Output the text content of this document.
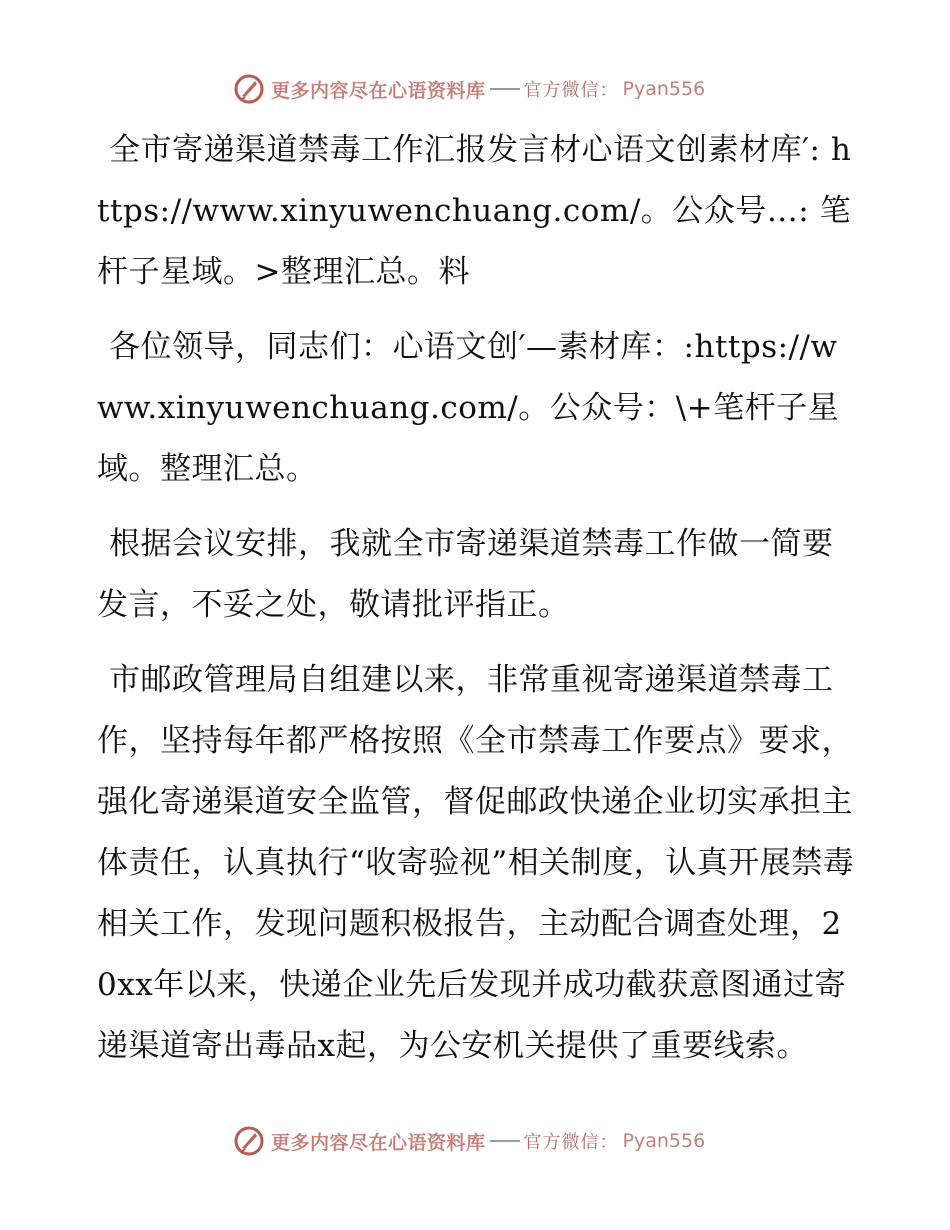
更多内容尽在心语资料库 官方微信： Pyan556

全市寄递渠道禁毒工作汇报发言材心语文创素材库′: https://www.xinyuwenchuang.com/。公众号…: 笔杆子星域。>整理汇总。料

各位领导，同志们：心语文创′—素材库：:https://www.xinyuwenchuang.com/。公众号：\+笔杆子星域。整理汇总。

根据会议安排，我就全市寄递渠道禁毒工作做一简要发言，不妥之处，敬请批评指正。

市邮政管理局自组建以来，非常重视寄递渠道禁毒工作，坚持每年都严格按照《全市禁毒工作要点》要求，强化寄递渠道安全监管，督促邮政快递企业切实承担主体责任，认真执行“收寄验视”相关制度，认真开展禁毒相关工作，发现问题积极报告，主动配合调查处理，20xx年以来，快递企业先后发现并成功截获意图通过寄递渠道寄出毒品x起，为公安机关提供了重要线索。

更多内容尽在心语资料库 官方微信： Pyan556
